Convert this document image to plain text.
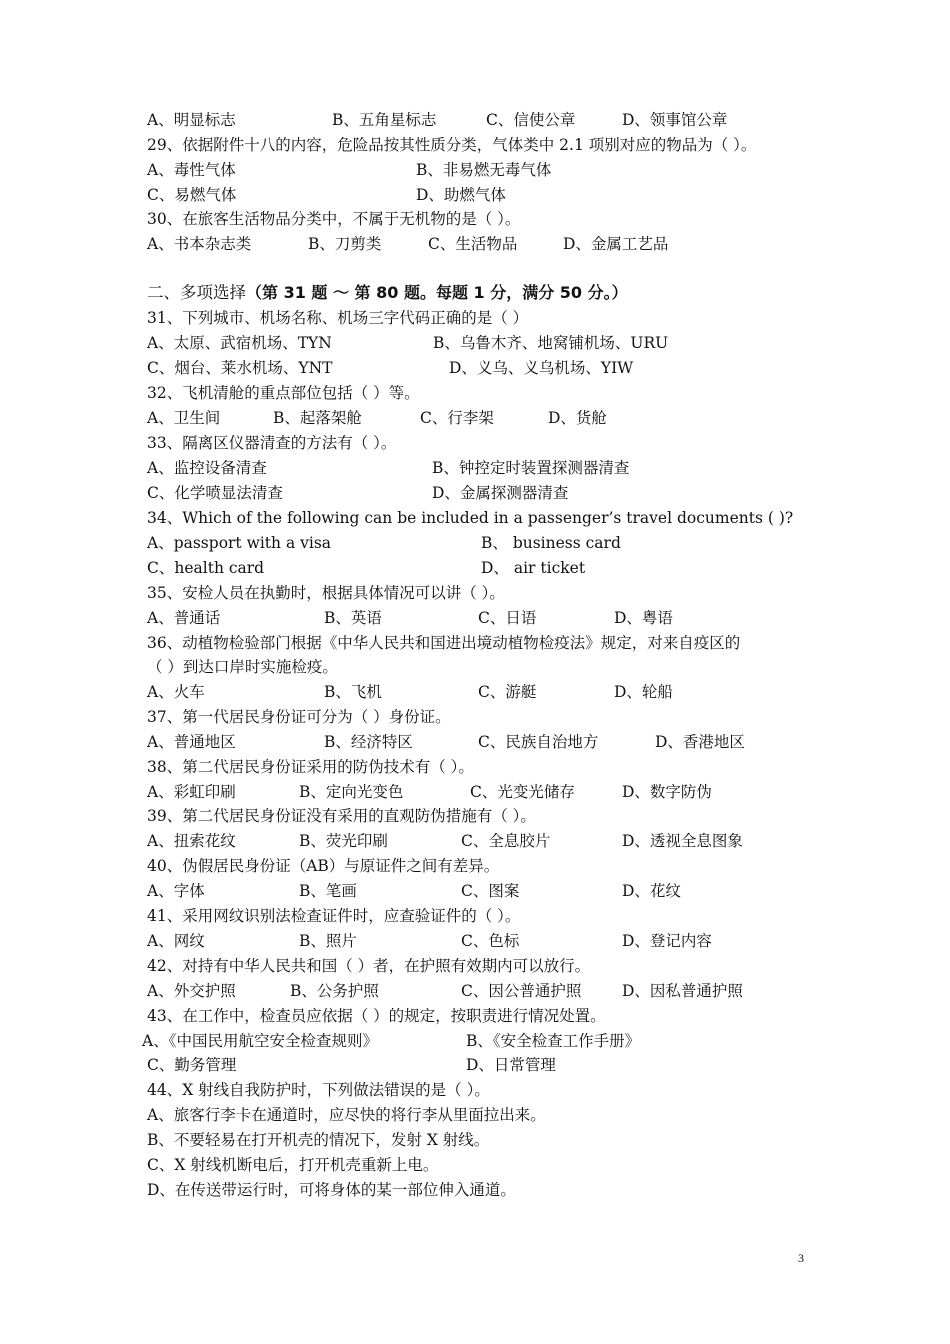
A、明显标志	B、五角星标志	C、信使公章	D、领事馆公章
29、依据附件十八的内容，危险品按其性质分类，气体类中 2.1 项别对应的物品为（ ）。
A、毒性气体	B、非易燃无毒气体
C、易燃气体	D、助燃气体
30、在旅客生活物品分类中，不属于无机物的是（ ）。
A、书本杂志类	B、刀剪类	C、生活物品	D、金属工艺品
二、多项选择 （第 31 题 ～ 第 80 题。每题 1 分，满分 50 分。）
31、下列城市、机场名称、机场三字代码正确的是（ ）
A、太原、武宿机场、TYN	B、乌鲁木齐、地窝铺机场、URU
C、烟台、莱水机场、YNT	D、义乌、义乌机场、YIW
32、飞机清舱的重点部位包括（ ）等。
A、卫生间	B、起落架舱	C、行李架	D、货舱
33、隔离区仪器清查的方法有（ ）。
A、监控设备清查	B、钟控定时装置探测器清查
C、化学喷显法清查	D、金属探测器清查
34、Which of the following can be included in a passenger’s travel documents ( )?
A、passport with a visa	B、 business card
C、health card	D、 air ticket
35、安检人员在执勤时，根据具体情况可以讲（ ）。
A、普通话	B、英语	C、日语	D、粤语
36、动植物检验部门根据《中华人民共和国进出境动植物检疫法》规定，对来自疫区的
（ ）到达口岸时实施检疫。
A、火车	B、飞机	C、游艇	D、轮船
37、第一代居民身份证可分为（ ）身份证。
A、普通地区	B、经济特区	C、民族自治地方	D、香港地区
38、第二代居民身份证采用的防伪技术有（ ）。
A、彩虹印刷	B、定向光变色	C、光变光储存	D、数字防伪
39、第二代居民身份证没有采用的直观防伪措施有（ ）。
A、扭索花纹	B、荧光印刷	C、全息胶片	D、透视全息图象
40、伪假居民身份证（AB）与原证件之间有差异。
A、字体	B、笔画	C、图案	D、花纹
41、采用网纹识别法检查证件时，应查验证件的（ ）。
A、网纹	B、照片	C、色标	D、登记内容
42、对持有中华人民共和国（ ）者，在护照有效期内可以放行。
A、外交护照	B、公务护照	C、因公普通护照	D、因私普通护照
43、在工作中，检查员应依据（ ）的规定，按职责进行情况处置。
A、《中国民用航空安全检查规则》	B、《安全检查工作手册》
C、勤务管理	D、日常管理
44、X 射线自我防护时，下列做法错误的是（ ）。
A、旅客行李卡在通道时，应尽快的将行李从里面拉出来。
B、不要轻易在打开机壳的情况下，发射 X 射线。
C、X 射线机断电后，打开机壳重新上电。
D、在传送带运行时，可将身体的某一部位伸入通道。
3
